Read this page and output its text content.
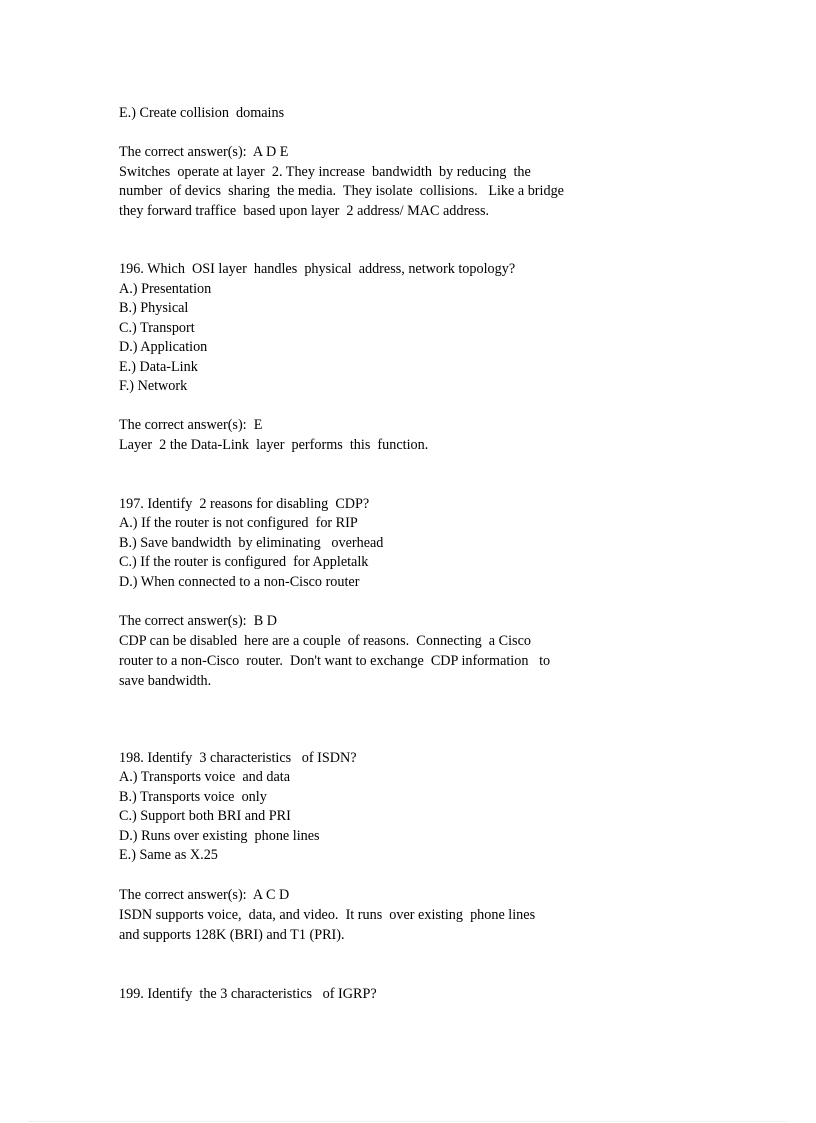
E.) Create collision  domains
The correct answer(s):  A D E
Switches  operate at layer  2. They increase  bandwidth  by reducing  the
number  of devics  sharing  the media.  They isolate  collisions.   Like a bridge
they forward traffice  based upon layer  2 address/ MAC address.
196. Which  OSI layer  handles  physical  address, network topology?
A.) Presentation
B.) Physical
C.) Transport
D.) Application
E.) Data-Link
F.) Network
The correct answer(s):  E
Layer  2 the Data-Link  layer  performs  this  function.
197. Identify  2 reasons for disabling  CDP?
A.) If the router is not configured  for RIP
B.) Save bandwidth  by eliminating   overhead
C.) If the router is configured  for Appletalk
D.) When connected to a non-Cisco router
The correct answer(s):  B D
CDP can be disabled  here are a couple  of reasons.  Connecting  a Cisco
router to a non-Cisco  router.  Don't want to exchange  CDP information   to
save bandwidth.
198. Identify  3 characteristics   of ISDN?
A.) Transports voice  and data
B.) Transports voice  only
C.) Support both BRI and PRI
D.) Runs over existing  phone lines
E.) Same as X.25
The correct answer(s):  A C D
ISDN supports voice,  data, and video.  It runs  over existing  phone lines
and supports 128K (BRI) and T1 (PRI).
199. Identify  the 3 characteristics   of IGRP?
